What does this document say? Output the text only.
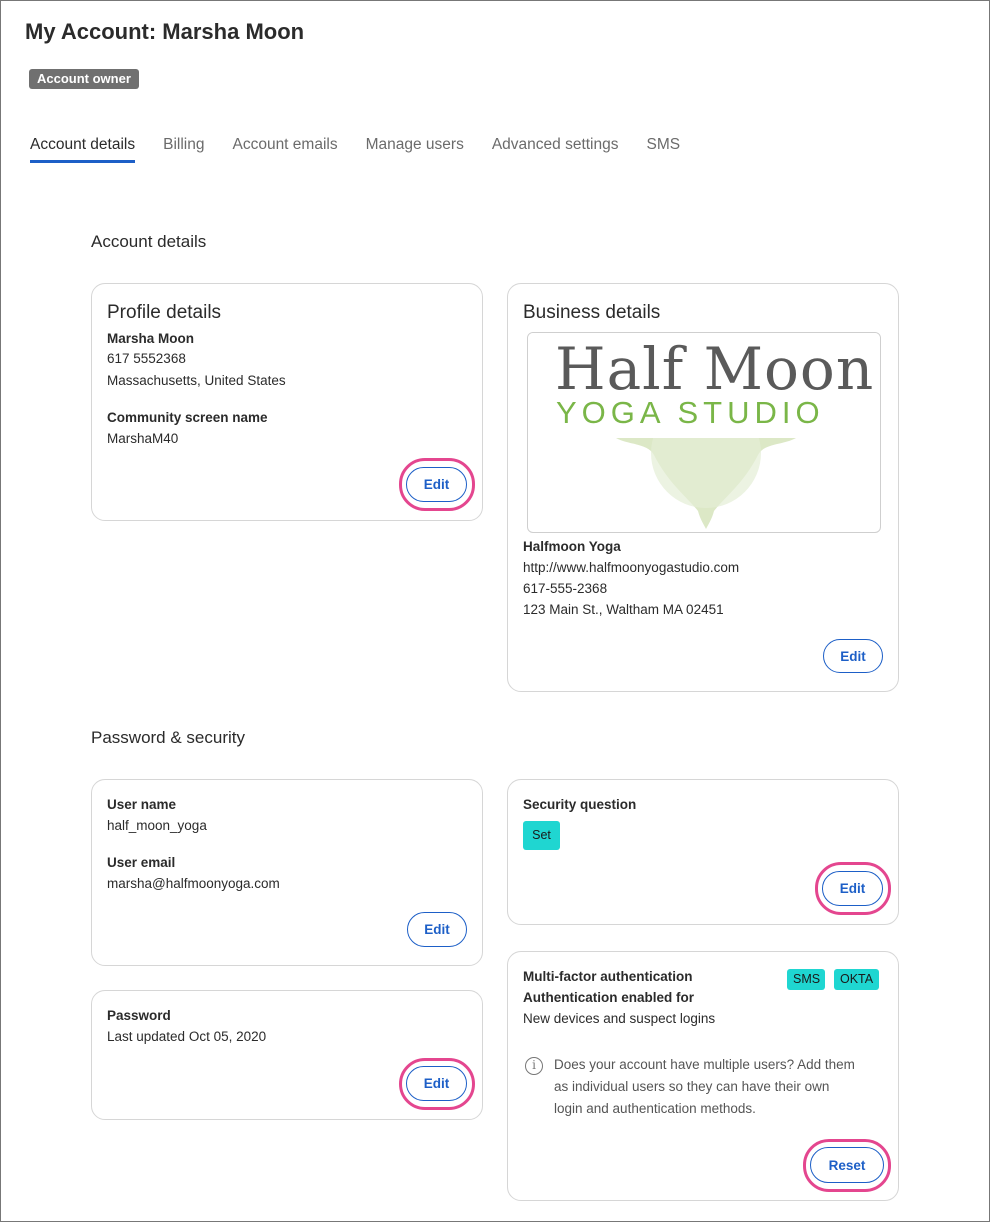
My Account: Marsha Moon
Account owner
Account details Billing Account emails Manage users Advanced settings SMS
Account details
Profile details
Marsha Moon
617 5552368
Massachusetts, United States
Community screen name
MarshaM40
Edit
Business details
Half Moon
YOGA STUDIO
Halfmoon Yoga
http://www.halfmoonyogastudio.com
617-555-2368
123 Main St., Waltham MA 02451
Edit
Password & security
User name
half_moon_yoga
User email
marsha@halfmoonyoga.com
Edit
Password
Last updated Oct 05, 2020
Edit
Security question
Set
Edit
Multi-factor authentication
Authentication enabled for
New devices and suspect logins
SMS	OKTA
i	Does your account have multiple users? Add them
as individual users so they can have their own
login and authentication methods.
Reset
